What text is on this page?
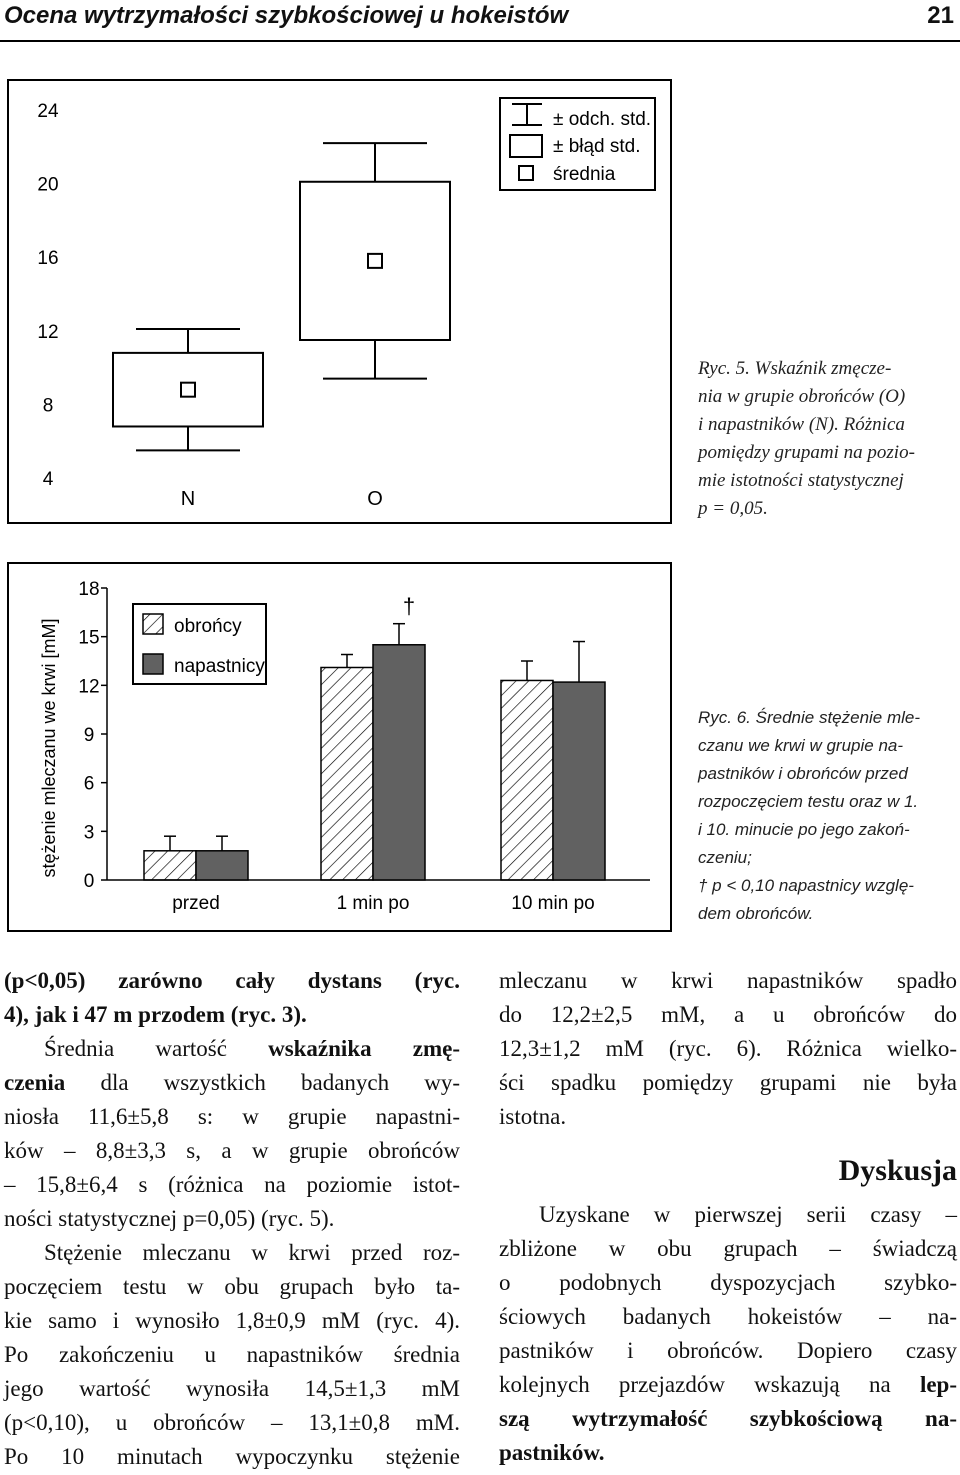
Ocena wytrzymałości szybkościowej u hokeistów	21
24
20
16
12
8
4
N	O
± odch. std.
± błąd std.
średnia
Ryc. 5. Wskaźnik zmęcze-
nia w grupie obrońców (O)
i napastników (N). Różnica
pomiędzy grupami na pozio-
mie istotności statystycznej
p = 0,05.
stężenie mleczanu we krwi [mM]
18
15
12
9
6
3
0
przed	1 min po	10 min po
†
obrońcy
napastnicy
Ryc. 6. Średnie stężenie mle-
czanu we krwi w grupie na-
pastników i obrońców przed
rozpoczęciem testu oraz w 1.
i 10. minucie po jego zakoń-
czeniu;
† p < 0,10 napastnicy wzglę-
dem obrońców.
(p<0,05) zarówno cały dystans (ryc.
4), jak i 47 m przodem (ryc. 3).
Średnia wartość wskaźnika zmę-
czenia dla wszystkich badanych wy-
niosła 11,6±5,8 s: w grupie napastni-
ków – 8,8±3,3 s, a w grupie obrońców
– 15,8±6,4 s (różnica na poziomie istot-
ności statystycznej p=0,05) (ryc. 5).
Stężenie mleczanu w krwi przed roz-
poczęciem testu w obu grupach było ta-
kie samo i wynosiło 1,8±0,9 mM (ryc. 4).
Po zakończeniu u napastników średnia
jego wartość wynosiła 14,5±1,3 mM
(p<0,10), u obrońców – 13,1±0,8 mM.
Po 10 minutach wypoczynku stężenie
mleczanu w krwi napastników spadło
do 12,2±2,5 mM, a u obrońców do
12,3±1,2 mM (ryc. 6). Różnica wielko-
ści spadku pomiędzy grupami nie była
istotna.
Dyskusja
Uzyskane w pierwszej serii czasy –
zbliżone w obu grupach – świadczą
o podobnych dyspozycjach szybko-
ściowych badanych hokeistów – na-
pastników i obrońców. Dopiero czasy
kolejnych przejazdów wskazują na lep-
szą wytrzymałość szybkościową na-
pastników.
